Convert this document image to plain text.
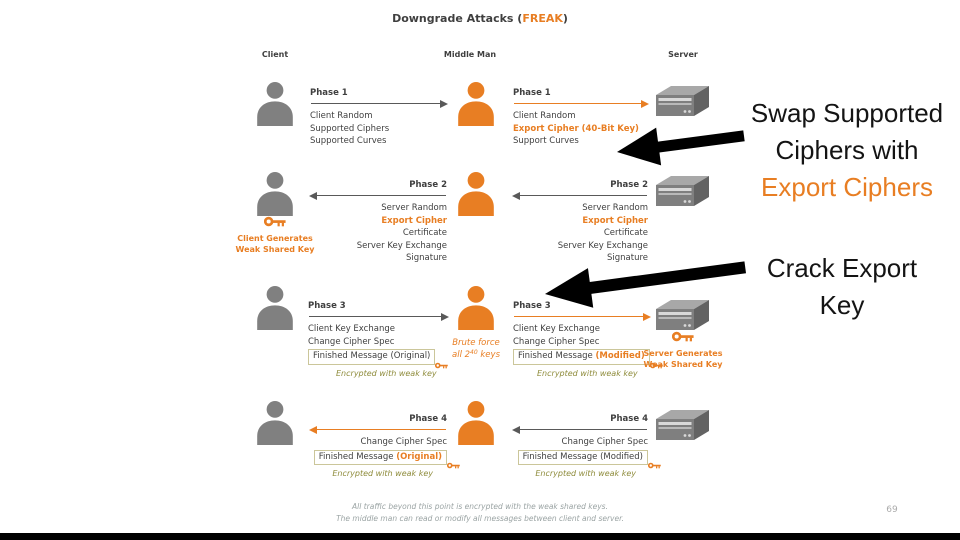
Downgrade Attacks (FREAK)
Client	Middle Man	Server
Phase 1
Client Random
Supported Ciphers
Supported Curves
Phase 1
Client Random
Export Cipher (40-Bit Key)
Support Curves
Phase 2
Server Random
Export Cipher
Certificate
Server Key Exchange
Signature
Phase 2
Server Random
Export Cipher
Certificate
Server Key Exchange
Signature
Client Generates
Weak Shared Key
Phase 3
Client Key Exchange
Change Cipher Spec
Finished Message (Original)
Encrypted with weak key
Brute force
all $2^{40}$ keys
Phase 3
Client Key Exchange
Change Cipher Spec
Finished Message (Modified)
Encrypted with weak key
Server Generates
Weak Shared Key
Phase 4
Change Cipher Spec
Finished Message (Original)
Encrypted with weak key
Phase 4
Change Cipher Spec
Finished Message (Modified)
Encrypted with weak key
Swap Supported
Ciphers with
Export Ciphers
Crack Export
Key
All traffic beyond this point is encrypted with the weak shared keys.
The middle man can read or modify all messages between client and server.
69
